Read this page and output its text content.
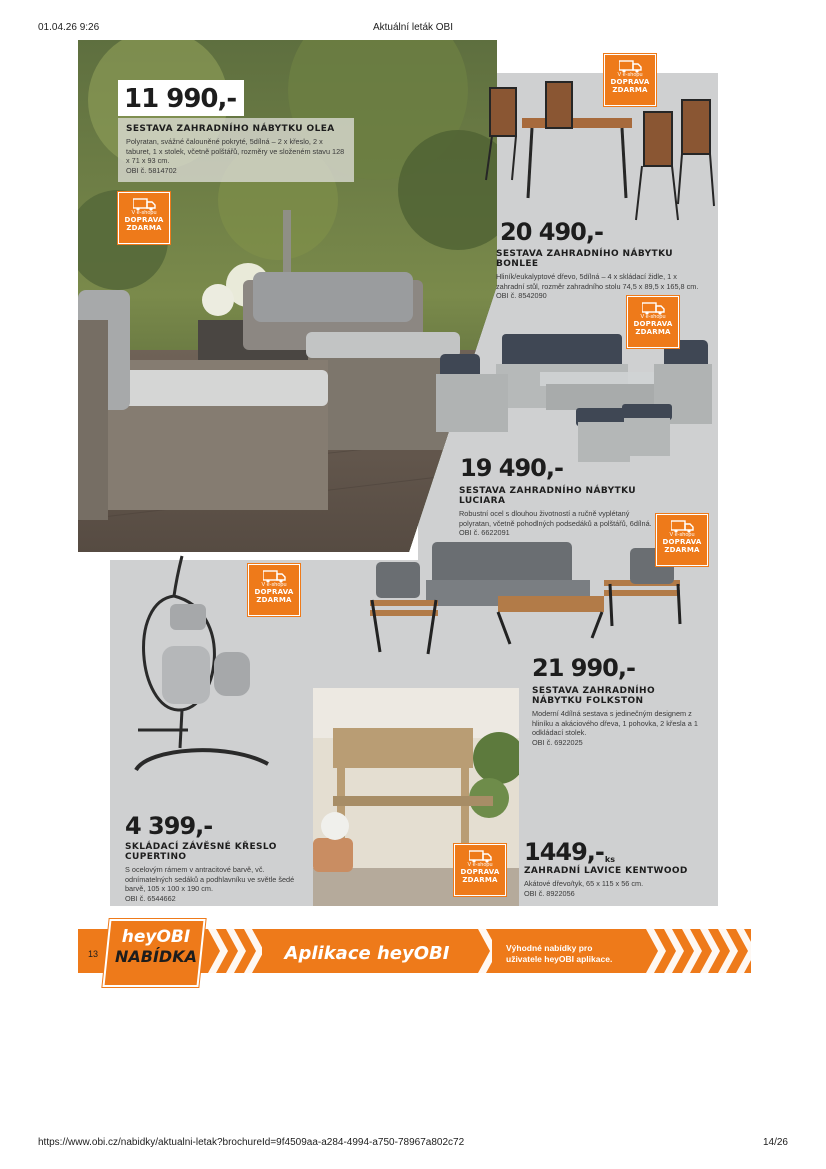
01.04.26 9:26	Aktuální leták OBI
https://www.obi.cz/nabidky/aktualni-letak?brochureId=9f4509aa-a284-4994-a750-78967a802c72	14/26
11 990,-
SESTAVA ZAHRADNÍHO NÁBYTKU OLEA
Polyratan, svážné čalouněné pokryté, 5dílná – 2 x křeslo, 2 x taburet, 1 x stolek, včetně polštářů, rozměry ve složeném stavu 128 x 71 x 93 cm.
OBI č. 5814702
20 490,-
SESTAVA ZAHRADNÍHO NÁBYTKU BONLEE
Hliník/eukalyptové dřevo, 5dílná – 4 x skládací židle, 1 x zahradní stůl, rozměr zahradního stolu 74,5 x 89,5 x 165,8 cm.
OBI č. 8542090
19 490,-
SESTAVA ZAHRADNÍHO NÁBYTKU LUCIARA
Robustní ocel s dlouhou životností a ručně vyplétaný polyratan, včetně pohodlných podsedáků a polštářů, 6dílná.
OBI č. 6622091
21 990,-
SESTAVA ZAHRADNÍHO NÁBYTKU FOLKSTON
Moderní 4dílná sestava s jedinečným designem z hliníku a akáciového dřeva, 1 pohovka, 2 křesla a 1 odkládací stolek.
OBI č. 6922025
4 399,-
SKLÁDACÍ ZÁVĚSNÉ KŘESLO CUPERTINO
S ocelovým rámem v antracitové barvě, vč. odnímatelných sedáků a podhlavníku ve světle šedé barvě, 105 x 100 x 190 cm.
OBI č. 6544662
1449,-ks
ZAHRADNÍ LAVICE KENTWOOD
Akátové dřevo/tyk, 65 x 115 x 56 cm.
OBI č. 8922056
V e-shopu
DOPRAVA
ZDARMA
V e-shopu
DOPRAVA
ZDARMA
V e-shopu
DOPRAVA
ZDARMA
V e-shopu
DOPRAVA
ZDARMA
V e-shopu
DOPRAVA
ZDARMA
V e-shopu
DOPRAVA
ZDARMA
13
heyOBI
NABÍDKA	Aplikace heyOBI	Výhodné nabídky pro
uživatele heyOBI aplikace.
